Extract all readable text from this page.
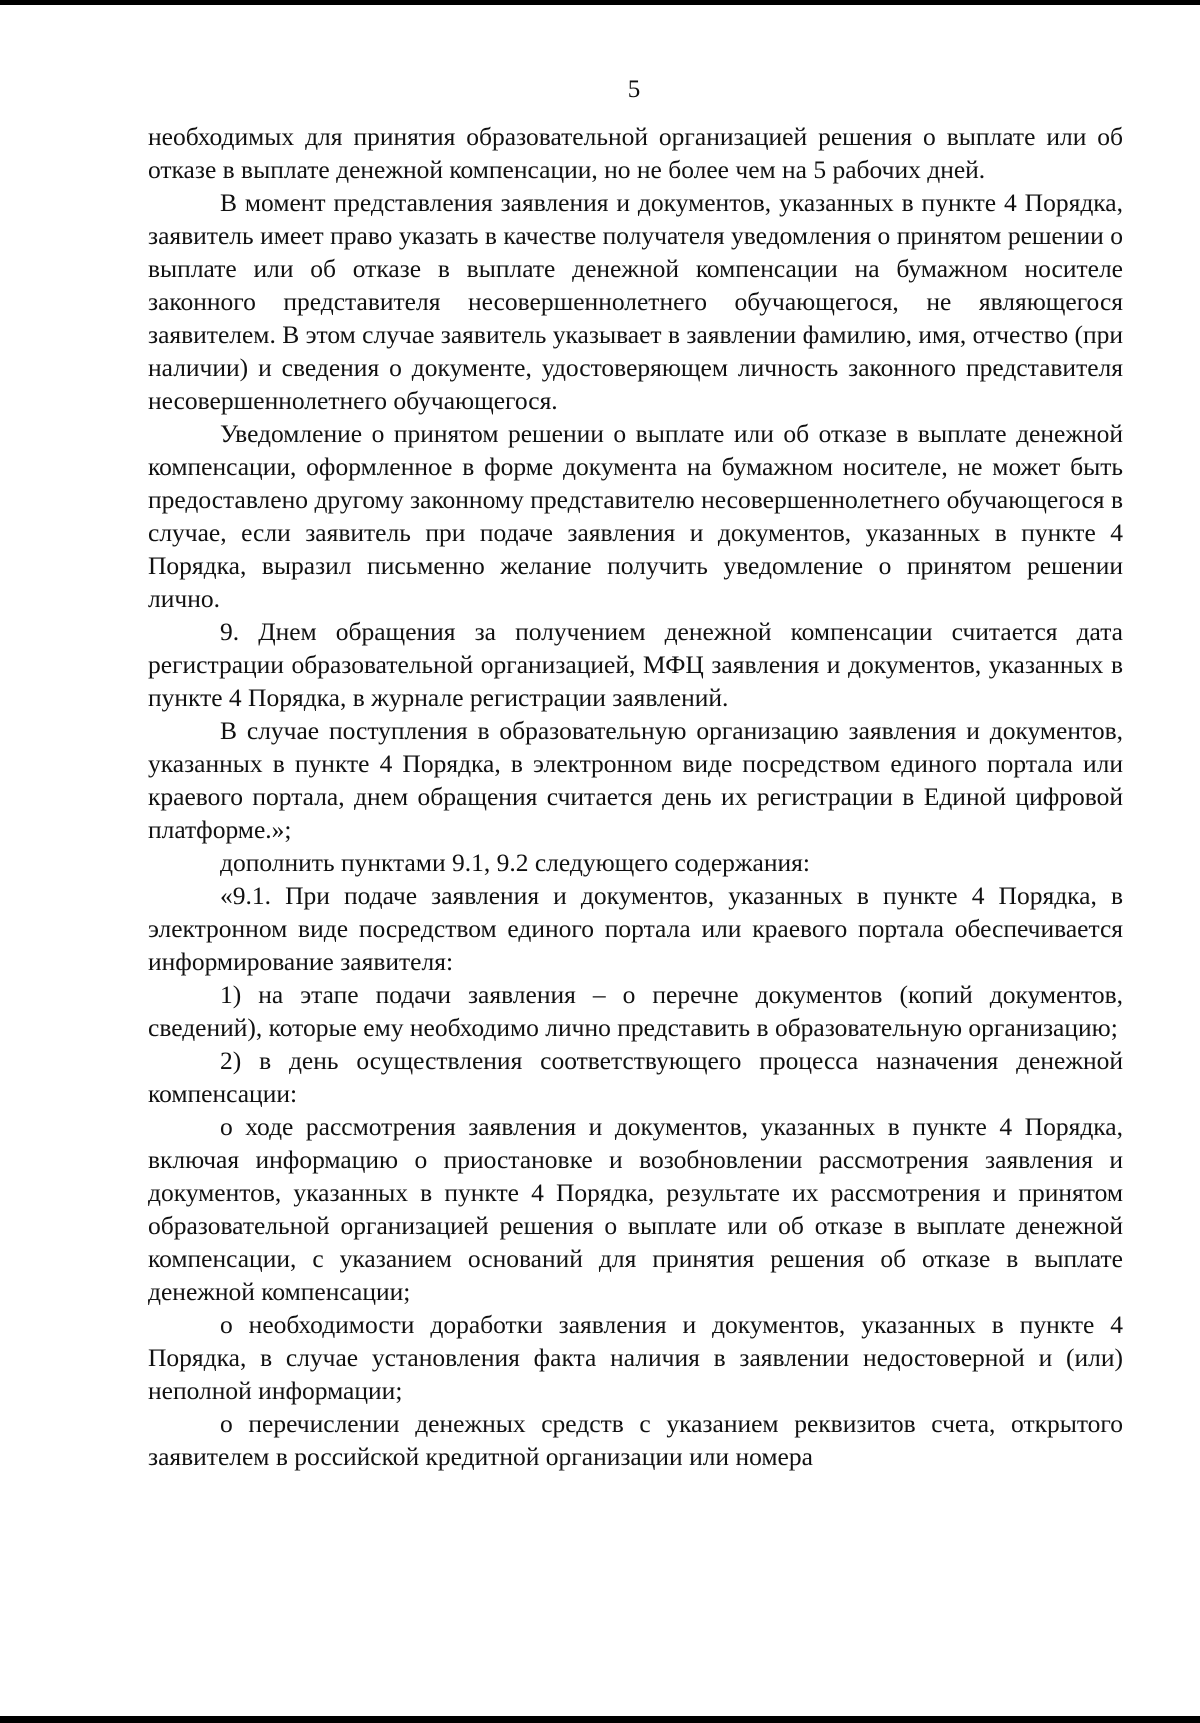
5

необходимых для принятия образовательной организацией решения о выплате или об отказе в выплате денежной компенсации, но не более чем на 5 рабочих дней.

В момент представления заявления и документов, указанных в пункте 4 Порядка, заявитель имеет право указать в качестве получателя уведомления о принятом решении о выплате или об отказе в выплате денежной компенсации на бумажном носителе законного представителя несовершеннолетнего обучающегося, не являющегося заявителем. В этом случае заявитель указывает в заявлении фамилию, имя, отчество (при наличии) и сведения о документе, удостоверяющем личность законного представителя несовершеннолетнего обучающегося.

Уведомление о принятом решении о выплате или об отказе в выплате денежной компенсации, оформленное в форме документа на бумажном носителе, не может быть предоставлено другому законному представителю несовершеннолетнего обучающегося в случае, если заявитель при подаче заявления и документов, указанных в пункте 4 Порядка, выразил письменно желание получить уведомление о принятом решении лично.

9. Днем обращения за получением денежной компенсации считается дата регистрации образовательной организацией, МФЦ заявления и документов, указанных в пункте 4 Порядка, в журнале регистрации заявлений.

В случае поступления в образовательную организацию заявления и документов, указанных в пункте 4 Порядка, в электронном виде посредством единого портала или краевого портала, днем обращения считается день их регистрации в Единой цифровой платформе.»;

дополнить пунктами 9.1, 9.2 следующего содержания:

«9.1. При подаче заявления и документов, указанных в пункте 4 Порядка, в электронном виде посредством единого портала или краевого портала обеспечивается информирование заявителя:

1) на этапе подачи заявления – о перечне документов (копий документов, сведений), которые ему необходимо лично представить в образовательную организацию;

2) в день осуществления соответствующего процесса назначения денежной компенсации:

о ходе рассмотрения заявления и документов, указанных в пункте 4 Порядка, включая информацию о приостановке и возобновлении рассмотрения заявления и документов, указанных в пункте 4 Порядка, результате их рассмотрения и принятом образовательной организацией решения о выплате или об отказе в выплате денежной компенсации, с указанием оснований для принятия решения об отказе в выплате денежной компенсации;

о необходимости доработки заявления и документов, указанных в пункте 4 Порядка, в случае установления факта наличия в заявлении недостоверной и (или) неполной информации;

о перечислении денежных средств с указанием реквизитов счета, открытого заявителем в российской кредитной организации или номера
